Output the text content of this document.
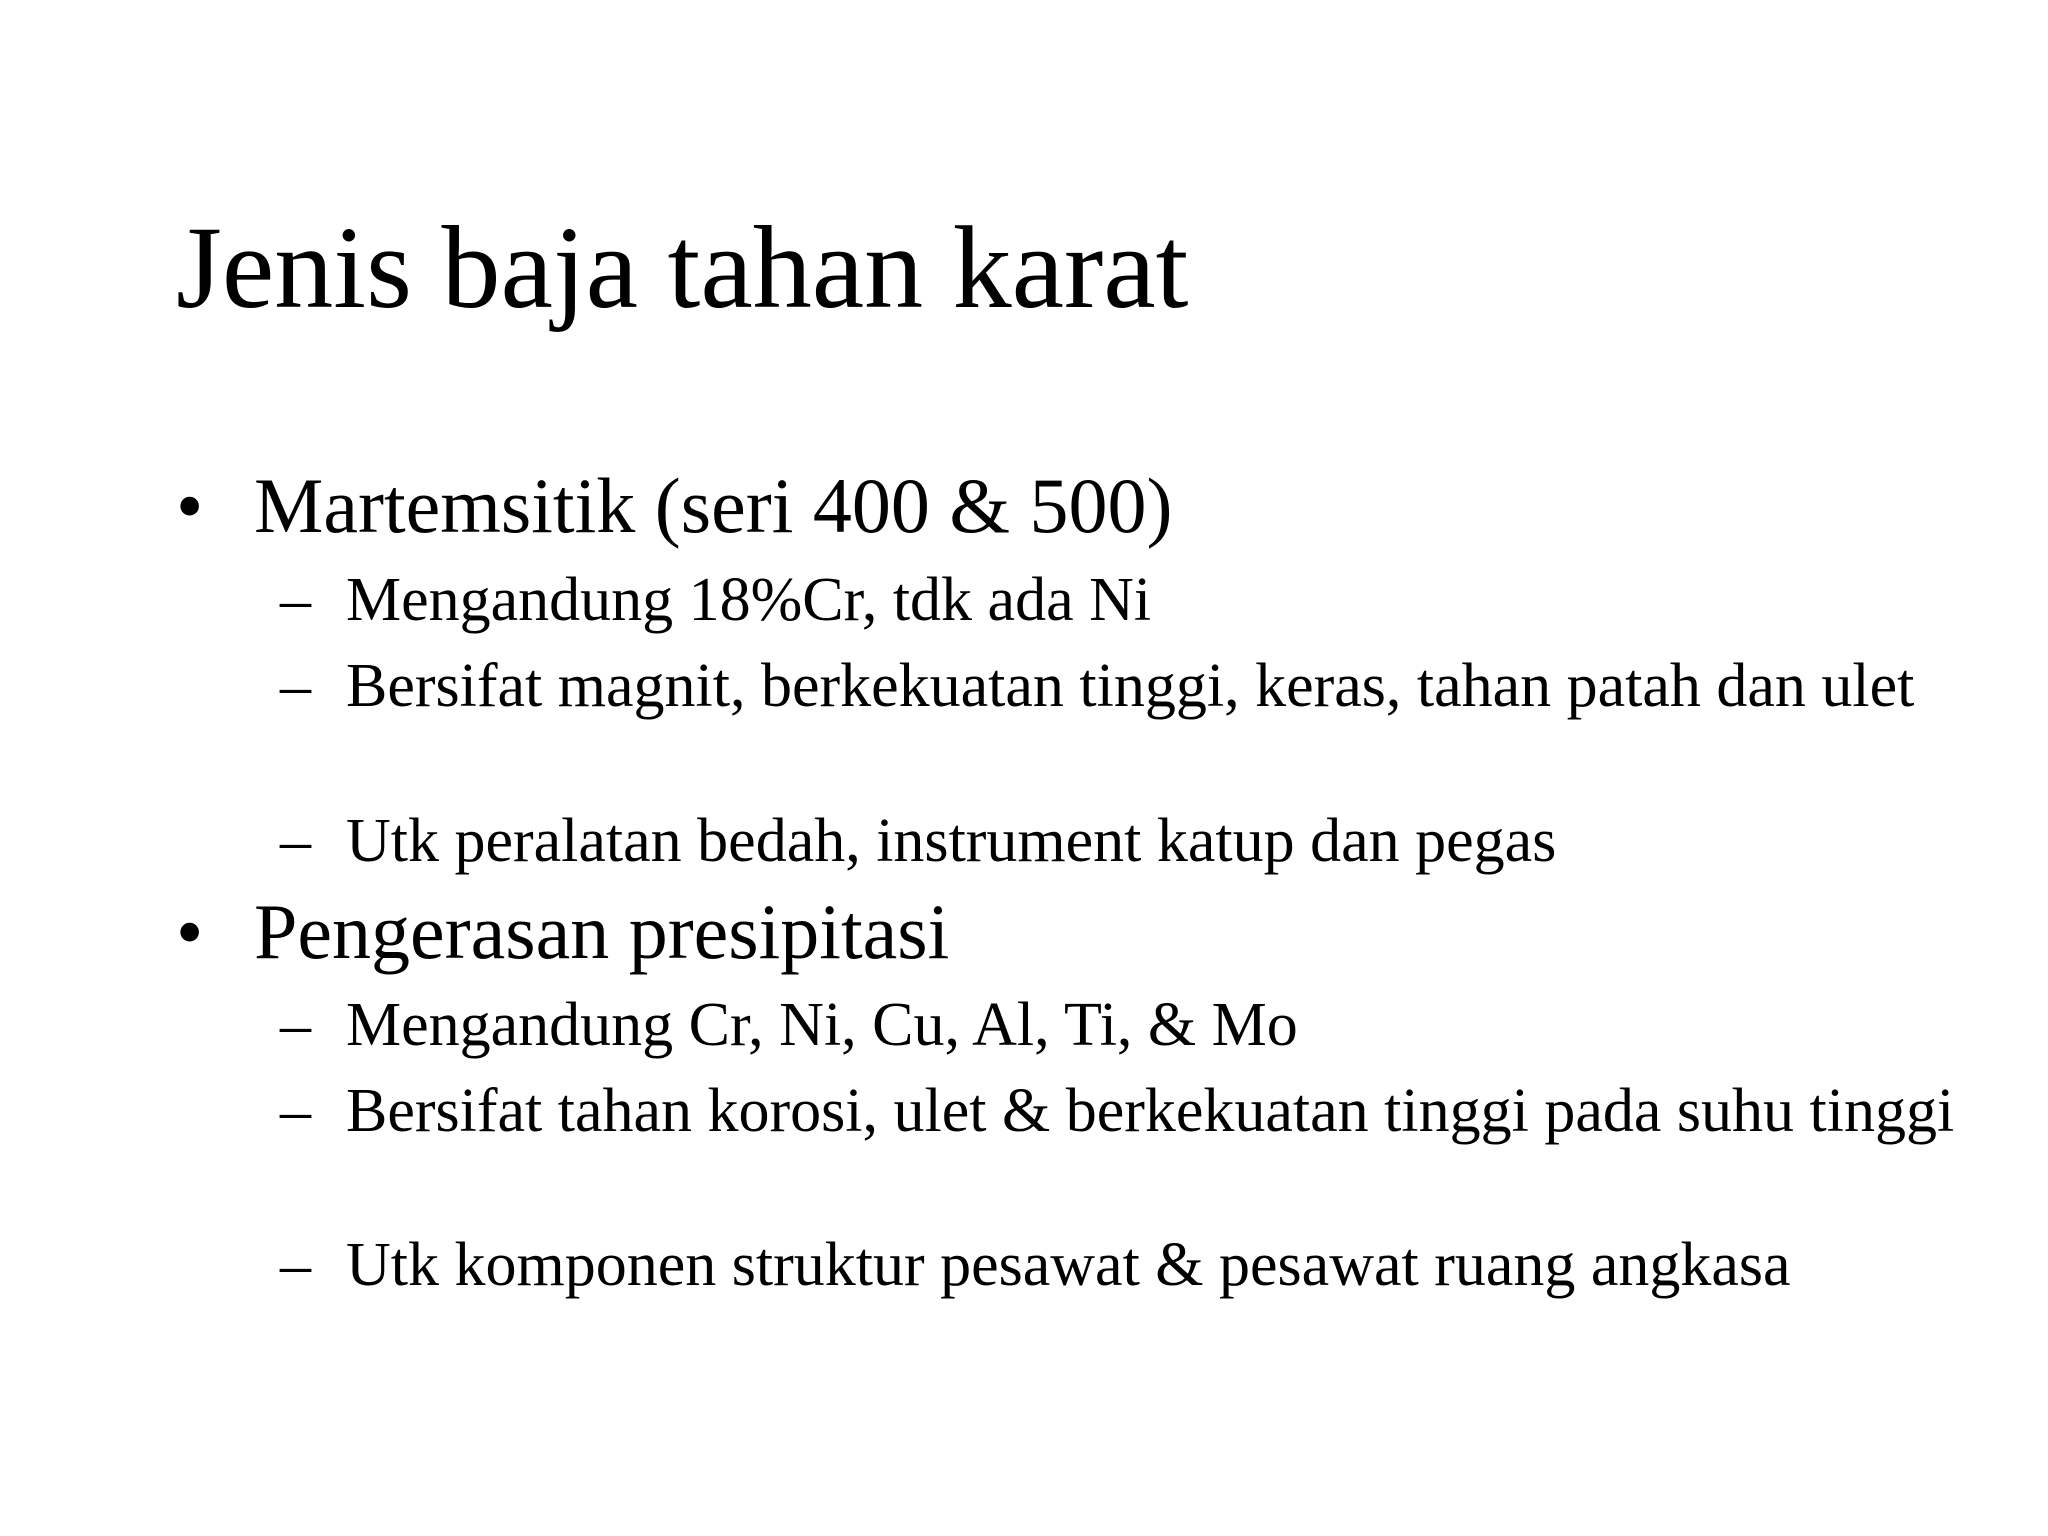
Jenis baja tahan karat
• Martemsitik (seri 400 & 500)
– Mengandung 18%Cr, tdk ada Ni
– Bersifat magnit, berkekuatan tinggi, keras, tahan patah dan ulet
– Utk peralatan bedah, instrument katup dan pegas
• Pengerasan presipitasi
– Mengandung Cr, Ni, Cu, Al, Ti, & Mo
– Bersifat tahan korosi, ulet & berkekuatan tinggi pada suhu tinggi
– Utk komponen struktur pesawat & pesawat ruang angkasa
